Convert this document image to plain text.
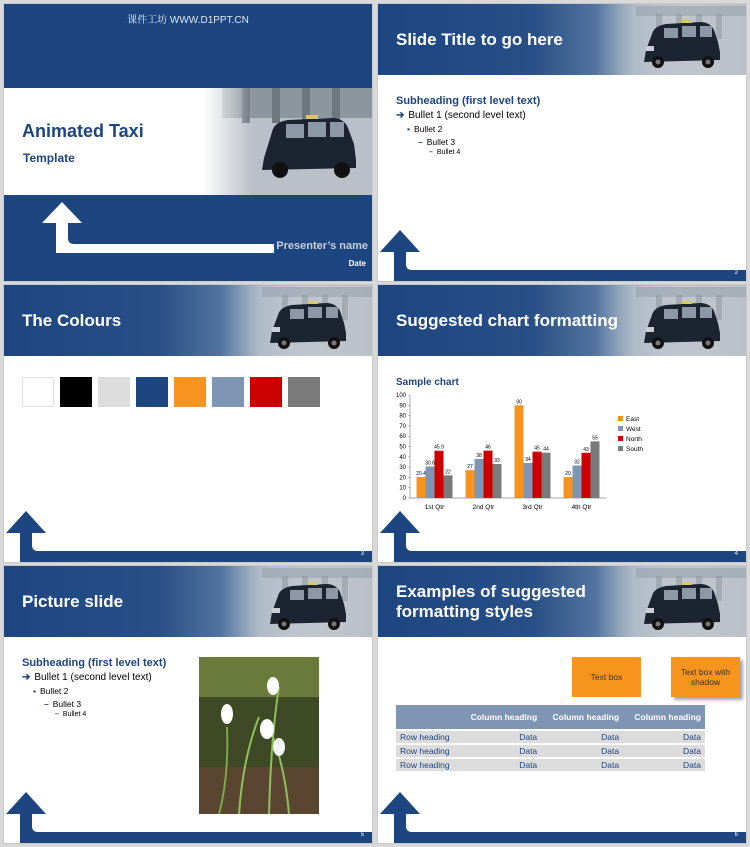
课件工坊 WWW.D1PPT.CN
Animated Taxi
Template
Presenter’s name
Date
Slide Title to go here
Subheading (first level text)
➔ Bullet 1 (second level text)
▪ Bullet 2
– Bullet 3
– Bullet 4
2
The Colours
3
Suggested chart formatting
Sample chart
0
10
20
30
40
50
60
70
80
90
100
20.4
30.6
45.9
22
1st Qtr
27
38
46
33
2nd Qtr
90
34
45 44
3rd Qtr
20
32
43
55
4th Qtr
East
West
North
South
4
Picture slide
Subheading (first level text)
➔ Bullet 1 (second level text)
▪ Bullet 2
– Bullet 3
– Bullet 4
5
Examples of suggested formatting styles
Text box	Text box with shadow
	Column heading	Column heading	Column heading
Row heading	Data	Data	Data
Row heading	Data	Data	Data
Row heading	Data	Data	Data
6
